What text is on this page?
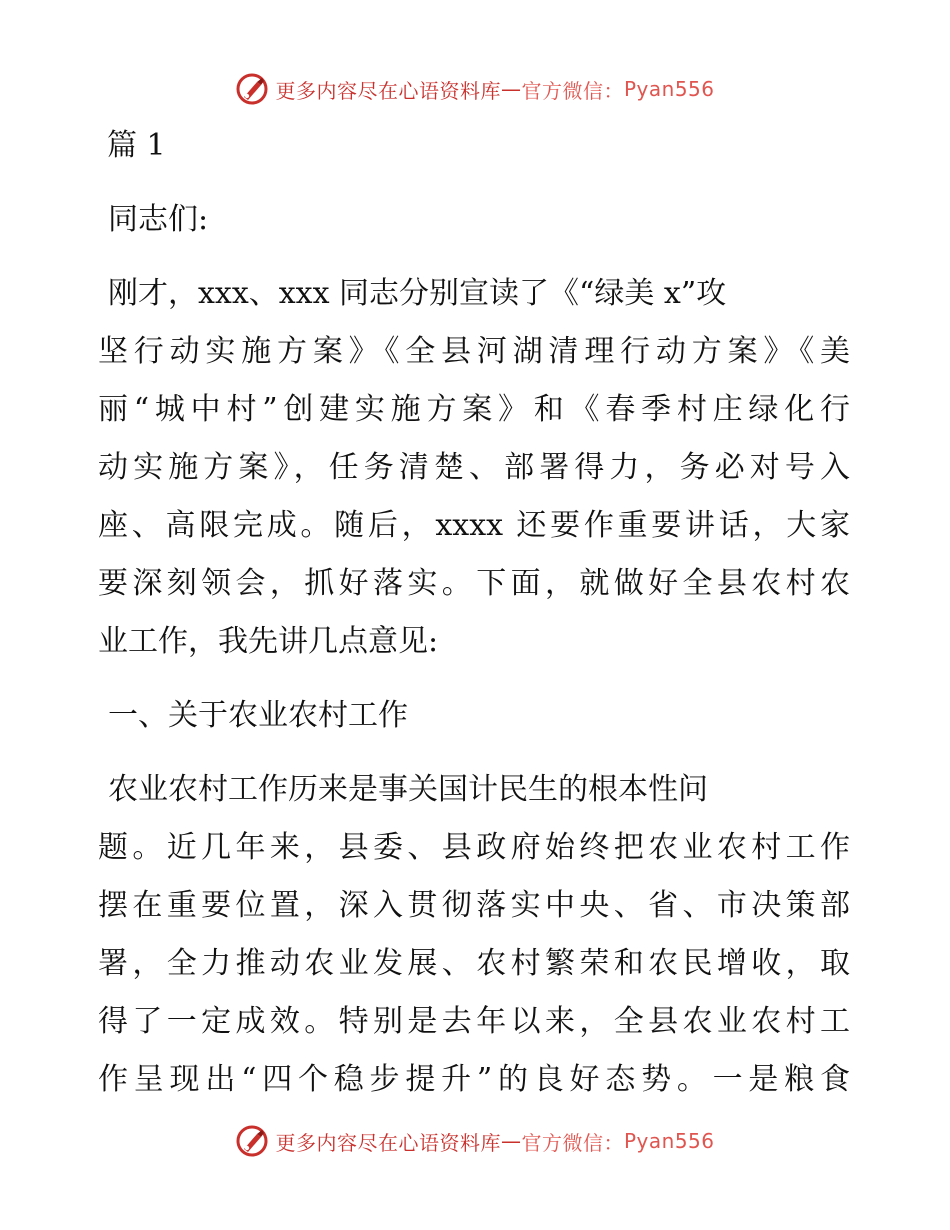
更多内容尽在心语资料库 — 官方微信： Pyan556
篇 1
同志们:
刚才，xxx、xxx 同志分别宣读了《“绿美 x”攻
坚行动实施方案》《全县河湖清理行动方案》《美
丽“城中村”创建实施方案》和《春季村庄绿化行
动实施方案》，任务清楚、部署得力，务必对号入
座、高限完成。随后，xxxx 还要作重要讲话，大家
要深刻领会，抓好落实。下面，就做好全县农村农
业工作，我先讲几点意见:
一、关于农业农村工作
农业农村工作历来是事关国计民生的根本性问
题。近几年来，县委、县政府始终把农业农村工作
摆在重要位置，深入贯彻落实中央、省、市决策部
署，全力推动农业发展、农村繁荣和农民增收，取
得了一定成效。特别是去年以来，全县农业农村工
作呈现出“四个稳步提升”的良好态势。一是粮食
更多内容尽在心语资料库 — 官方微信： Pyan556
